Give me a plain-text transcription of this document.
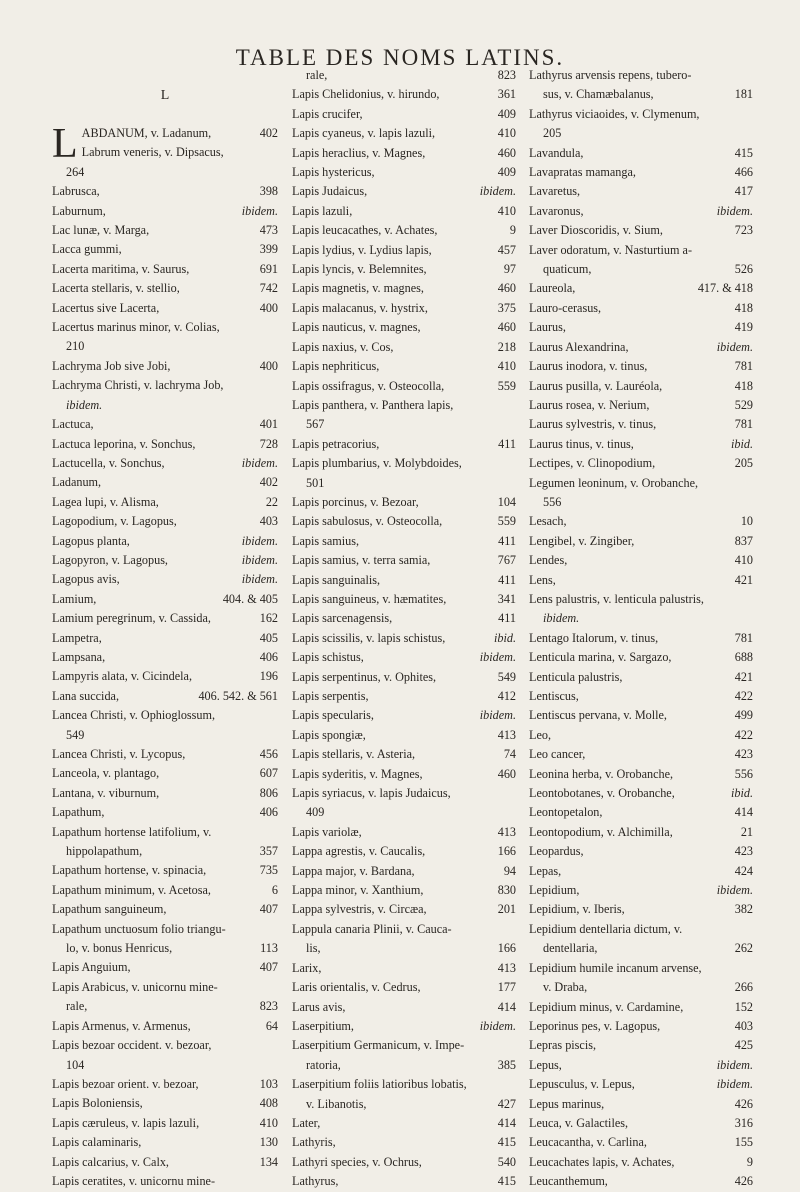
TABLE DES NOMS LATINS.
L
LABDANUM, v. Ladanum,	402
Labrum veneris, v. Dipsacus,
264
Labrusca,	398
Laburnum,	ibidem.
Lac lunæ, v. Marga,	473
Lacca gummi,	399
Lacerta maritima, v. Saurus,	691
Lacerta stellaris, v. stellio,	742
Lacertus sive Lacerta,	400
Lacertus marinus minor, v. Colias,
210
Lachryma Job sive Jobi,	400
Lachryma Christi, v. lachryma Job,
ibidem.
Lactuca,	401
Lactuca leporina, v. Sonchus,	728
Lactucella, v. Sonchus,	ibidem.
Ladanum,	402
Lagea lupi, v. Alisma,	22
Lagopodium, v. Lagopus,	403
Lagopus planta,	ibidem.
Lagopyron, v. Lagopus,	ibidem.
Lagopus avis,	ibidem.
Lamium,	404. & 405
Lamium peregrinum, v. Cassida,	162
Lampetra,	405
Lampsana,	406
Lampyris alata, v. Cicindela,	196
Lana succida,	406. 542. & 561
Lancea Christi, v. Ophioglossum,
549
Lancea Christi, v. Lycopus,	456
Lanceola, v. plantago,	607
Lantana, v. viburnum,	806
Lapathum,	406
Lapathum hortense latifolium, v.
hippolapathum,	357
Lapathum hortense, v. spinacia,	735
Lapathum minimum, v. Acetosa,	6
Lapathum sanguineum,	407
Lapathum unctuosum folio triangu-
lo, v. bonus Henricus,	113
Lapis Anguium,	407
Lapis Arabicus, v. unicornu mine-
rale,	823
Lapis Armenus, v. Armenus,	64
Lapis bezoar occident. v. bezoar,
104
Lapis bezoar orient. v. bezoar,	103
Lapis Boloniensis,	408
Lapis cæruleus, v. lapis lazuli,	410
Lapis calaminaris,	130
Lapis calcarius, v. Calx,	134
Lapis ceratites, v. unicornu mine-
rale,	823
Lapis Chelidonius, v. hirundo,	361
Lapis crucifer,	409
Lapis cyaneus, v. lapis lazuli,	410
Lapis heraclius, v. Magnes,	460
Lapis hystericus,	409
Lapis Judaicus,	ibidem.
Lapis lazuli,	410
Lapis leucacathes, v. Achates,	9
Lapis lydius, v. Lydius lapis,	457
Lapis lyncis, v. Belemnites,	97
Lapis magnetis, v. magnes,	460
Lapis malacanus, v. hystrix,	375
Lapis nauticus, v. magnes,	460
Lapis naxius, v. Cos,	218
Lapis nephriticus,	410
Lapis ossifragus, v. Osteocolla,	559
Lapis panthera, v. Panthera lapis,
567
Lapis petracorius,	411
Lapis plumbarius, v. Molybdoides,
501
Lapis porcinus, v. Bezoar,	104
Lapis sabulosus, v. Osteocolla,	559
Lapis samius,	411
Lapis samius, v. terra samia,	767
Lapis sanguinalis,	411
Lapis sanguineus, v. hæmatites,	341
Lapis sarcenagensis,	411
Lapis scissilis, v. lapis schistus,	ibid.
Lapis schistus,	ibidem.
Lapis serpentinus, v. Ophites,	549
Lapis serpentis,	412
Lapis specularis,	ibidem.
Lapis spongiæ,	413
Lapis stellaris, v. Asteria,	74
Lapis syderitis, v. Magnes,	460
Lapis syriacus, v. lapis Judaicus,
409
Lapis variolæ,	413
Lappa agrestis, v. Caucalis,	166
Lappa major, v. Bardana,	94
Lappa minor, v. Xanthium,	830
Lappa sylvestris, v. Circæa,	201
Lappula canaria Plinii, v. Cauca-
lis,	166
Larix,	413
Laris orientalis, v. Cedrus,	177
Larus avis,	414
Laserpitium,	ibidem.
Laserpitium Germanicum, v. Impe-
ratoria,	385
Laserpitium foliis latioribus lobatis,
v. Libanotis,	427
Later,	414
Lathyris,	415
Lathyri species, v. Ochrus,	540
Lathyrus,	415
Lathyrus arvensis repens, tubero-
sus, v. Chamæbalanus,	181
Lathyrus viciaoides, v. Clymenum,
205
Lavandula,	415
Lavapratas mamanga,	466
Lavaretus,	417
Lavaronus,	ibidem.
Laver Dioscoridis, v. Sium,	723
Laver odoratum, v. Nasturtium a-
quaticum,	526
Laureola,	417. & 418
Lauro-cerasus,	418
Laurus,	419
Laurus Alexandrina,	ibidem.
Laurus inodora, v. tinus,	781
Laurus pusilla, v. Lauréola,	418
Laurus rosea, v. Nerium,	529
Laurus sylvestris, v. tinus,	781
Laurus tinus, v. tinus,	ibid.
Lectipes, v. Clinopodium,	205
Legumen leoninum, v. Orobanche,
556
Lesach,	10
Lengibel, v. Zingiber,	837
Lendes,	410
Lens,	421
Lens palustris, v. lenticula palustris,
ibidem.
Lentago Italorum, v. tinus,	781
Lenticula marina, v. Sargazo,	688
Lenticula palustris,	421
Lentiscus,	422
Lentiscus pervana, v. Molle,	499
Leo,	422
Leo cancer,	423
Leonina herba, v. Orobanche,	556
Leontobotanes, v. Orobanche,	ibid.
Leontopetalon,	414
Leontopodium, v. Alchimilla,	21
Leopardus,	423
Lepas,	424
Lepidium,	ibidem.
Lepidium, v. Iberis,	382
Lepidium dentellaria dictum, v.
dentellaria,	262
Lepidium humile incanum arvense,
v. Draba,	266
Lepidium minus, v. Cardamine,	152
Leporinus pes, v. Lagopus,	403
Lepras piscis,	425
Lepus,	ibidem.
Lepusculus, v. Lepus,	ibidem.
Lepus marinus,	426
Leuca, v. Galactiles,	316
Leucacantha, v. Carlina,	155
Leucachates lapis, v. Achates,	9
Leucanthemum,	426
